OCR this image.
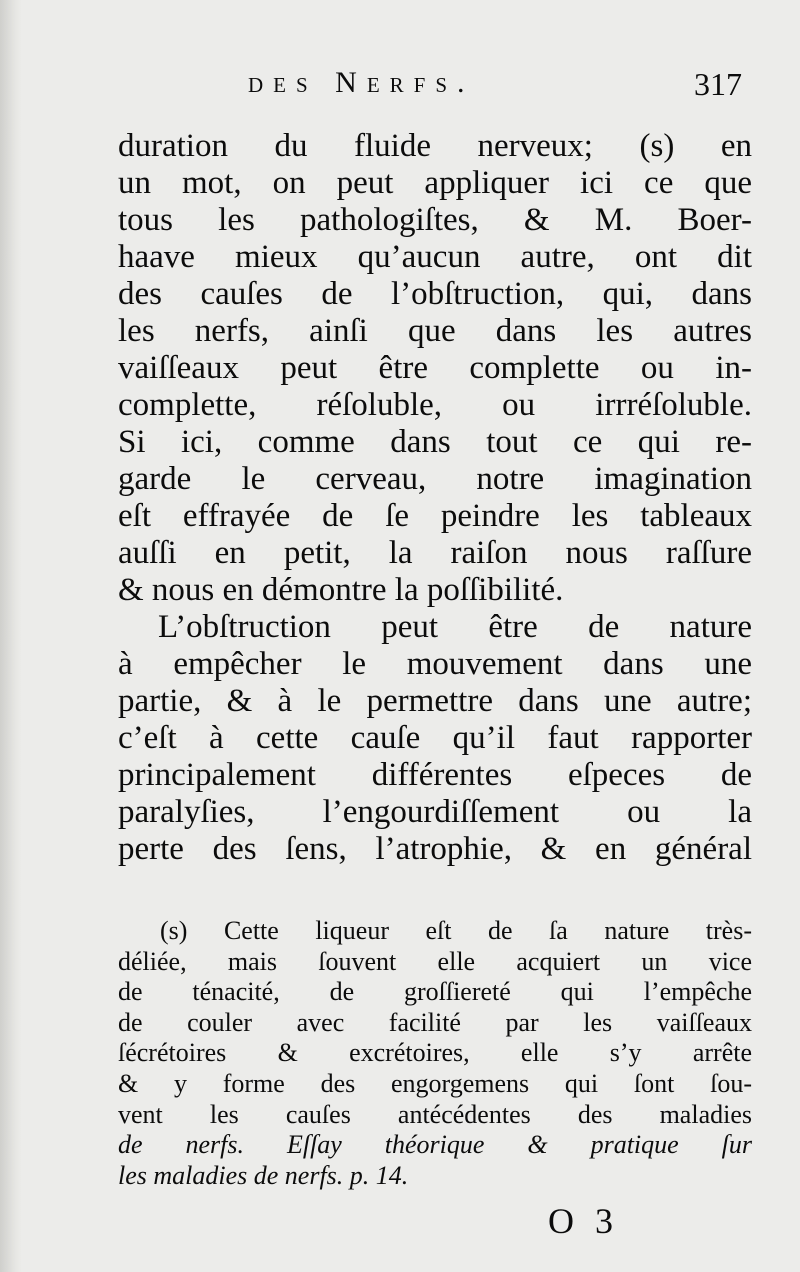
des Nerfs.	317
duration du fluide nerveux; (s) en
un mot, on peut appliquer ici ce que
tous les pathologiſtes, & M. Boer-
haave mieux qu’aucun autre, ont dit
des cauſes de l’obſtruction, qui, dans
les nerfs, ainſi que dans les autres
vaiſſeaux peut être complette ou in-
complette, réſoluble, ou irrréſoluble.
Si ici, comme dans tout ce qui re-
garde le cerveau, notre imagination
eſt effrayée de ſe peindre les tableaux
auſſi en petit, la raiſon nous raſſure
& nous en démontre la poſſibilité.
L’obſtruction peut être de nature
à empêcher le mouvement dans une
partie, & à le permettre dans une autre;
c’eſt à cette cauſe qu’il faut rapporter
principalement différentes eſpeces de
paralyſies, l’engourdiſſement ou la
perte des ſens, l’atrophie, & en général
(s) Cette liqueur eſt de ſa nature très-
déliée, mais ſouvent elle acquiert un vice
de ténacité, de groſſiereté qui l’empêche
de couler avec facilité par les vaiſſeaux
ſécrétoires & excrétoires, elle s’y arrête
& y forme des engorgemens qui ſont ſou-
vent les cauſes antécédentes des maladies
de nerfs. Eſſay théorique & pratique ſur
les maladies de nerfs. p. 14.
O 3
